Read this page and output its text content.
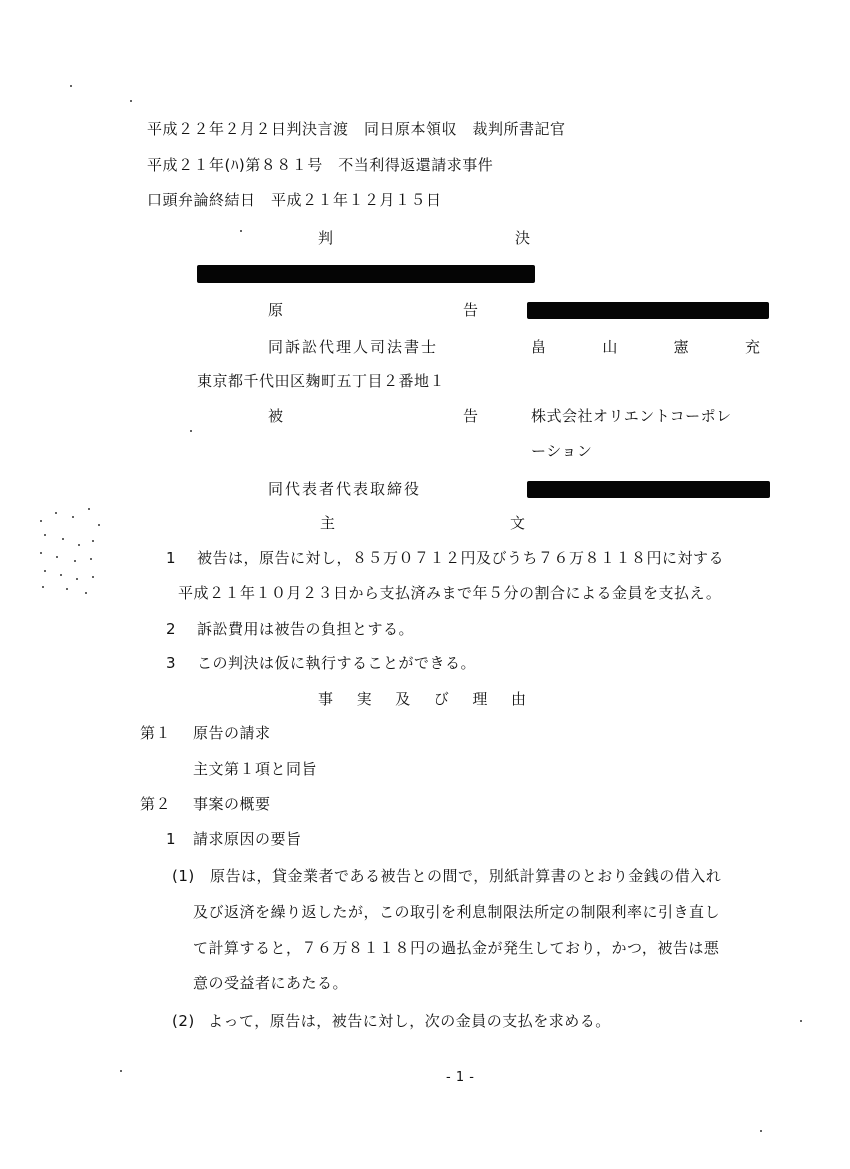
平成２２年２月２日判決言渡　同日原本領収　裁判所書記官
平成２１年(ﾊ)第８８１号　不当利得返還請求事件
口頭弁論終結日　平成２１年１２月１５日
判	決
原	告
同訴訟代理人司法書士	畠	山	憲	充
東京都千代田区麹町五丁目２番地１
被	告	株式会社オリエントコーポレ
ーション
同代表者代表取締役
主	文
1 被告は，原告に対し，８５万０７１２円及びうち７６万８１１８円に対する
平成２１年１０月２３日から支払済みまで年５分の割合による金員を支払え。
2 訴訟費用は被告の負担とする。
3 この判決は仮に執行することができる。
事 実 及 び 理 由
第１ 原告の請求
主文第１項と同旨
第２ 事案の概要
1 請求原因の要旨
(1) 原告は，貸金業者である被告との間で，別紙計算書のとおり金銭の借入れ
及び返済を繰り返したが，この取引を利息制限法所定の制限利率に引き直し
て計算すると，７６万８１１８円の過払金が発生しており，かつ，被告は悪
意の受益者にあたる。
(2) よって，原告は，被告に対し，次の金員の支払を求める。
- 1 -
